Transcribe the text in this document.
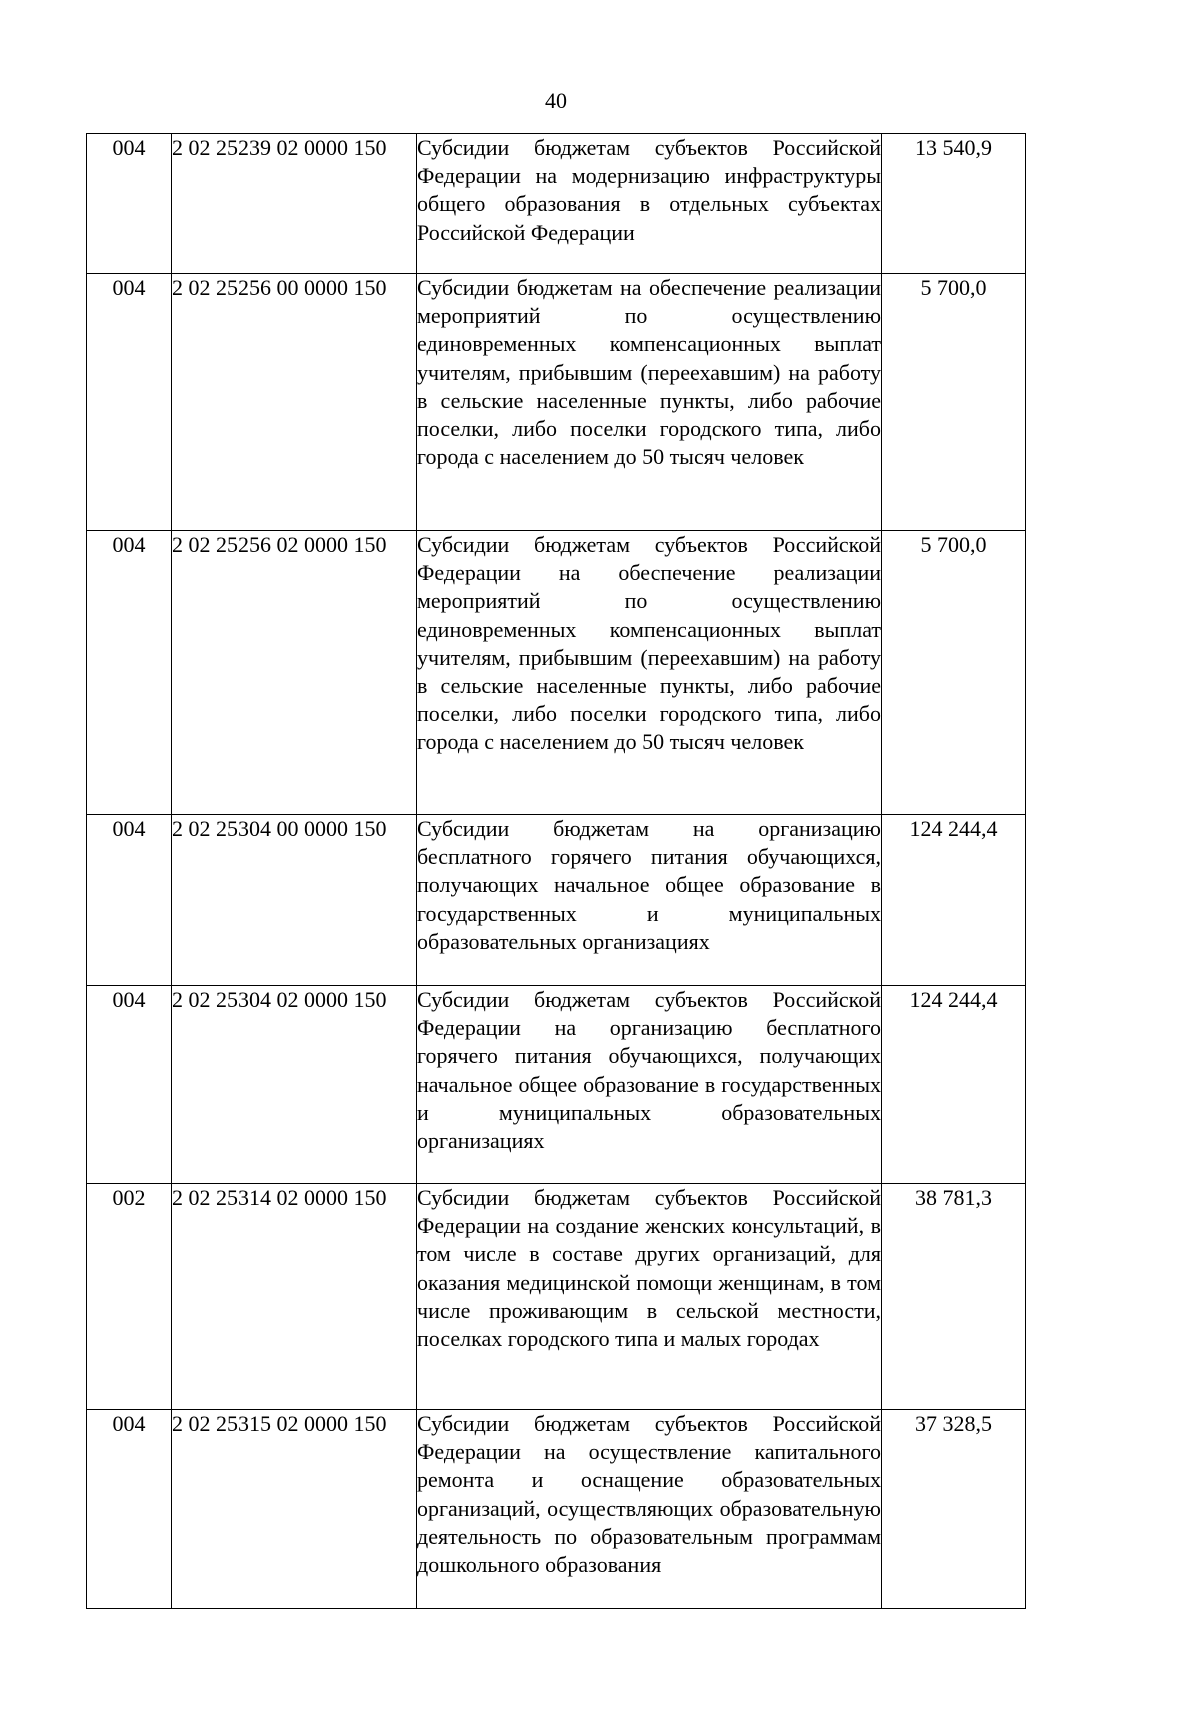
40
004	2 02 25239 02 0000 150	Субсидии бюджетам субъектов Российской Федерации на модернизацию инфраструктуры общего образования в отдельных субъектах Российской Федерации	13 540,9
004	2 02 25256 00 0000 150	Субсидии бюджетам на обеспечение реализации мероприятий по осуществлению единовременных компенсационных выплат учителям, прибывшим (переехавшим) на работу в сельские населенные пункты, либо рабочие поселки, либо поселки городского типа, либо города с населением до 50 тысяч человек	5 700,0
004	2 02 25256 02 0000 150	Субсидии бюджетам субъектов Российской Федерации на обеспечение реализации мероприятий по осуществлению единовременных компенсационных выплат учителям, прибывшим (переехавшим) на работу в сельские населенные пункты, либо рабочие поселки, либо поселки городского типа, либо города с населением до 50 тысяч человек	5 700,0
004	2 02 25304 00 0000 150	Субсидии бюджетам на организацию бесплатного горячего питания обучающихся, получающих начальное общее образование в государственных и муниципальных образовательных организациях	124 244,4
004	2 02 25304 02 0000 150	Субсидии бюджетам субъектов Российской Федерации на организацию бесплатного горячего питания обучающихся, получающих начальное общее образование в государственных и муниципальных образовательных организациях	124 244,4
002	2 02 25314 02 0000 150	Субсидии бюджетам субъектов Российской Федерации на создание женских консультаций, в том числе в составе других организаций, для оказания медицинской помощи женщинам, в том числе проживающим в сельской местности, поселках городского типа и малых городах	38 781,3
004	2 02 25315 02 0000 150	Субсидии бюджетам субъектов Российской Федерации на осуществление капитального ремонта и оснащение образовательных организаций, осуществляющих образовательную деятельность по образовательным программам дошкольного образования	37 328,5
